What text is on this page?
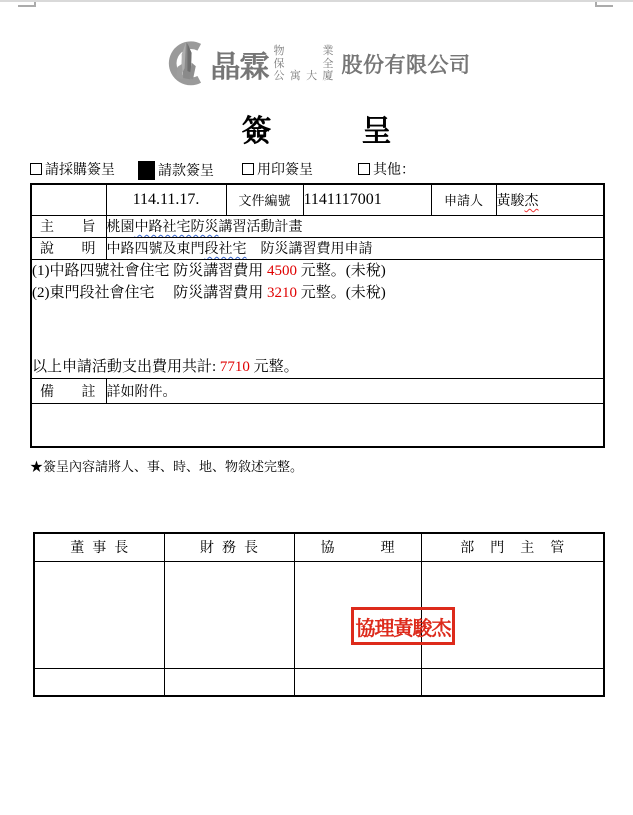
晶霖 物業
保全
公寓大廈 股份有限公司
簽呈
請採購簽呈	請款簽呈	用印簽呈	其他：
	114.11.17.	文件編號	1141117001	申請人	黃駿杰

主旨	桃園中路社宅防災講習活動計畫				

說明	中路四號及東門段社宅　防災講習費用申請				

(1)中路四號社會住宅 防災講習費用 4500 元整。(未稅)
(2)東門段社會住宅　 防災講習費用 3210 元整。(未稅)
以上申請活動支出費用共計: 7710 元整。					

備註	詳如附件。				

★簽呈內容請將人、事、時、地、物敘述完整。
董事長	財務長	協理	部門主管

協理黃駿杰
